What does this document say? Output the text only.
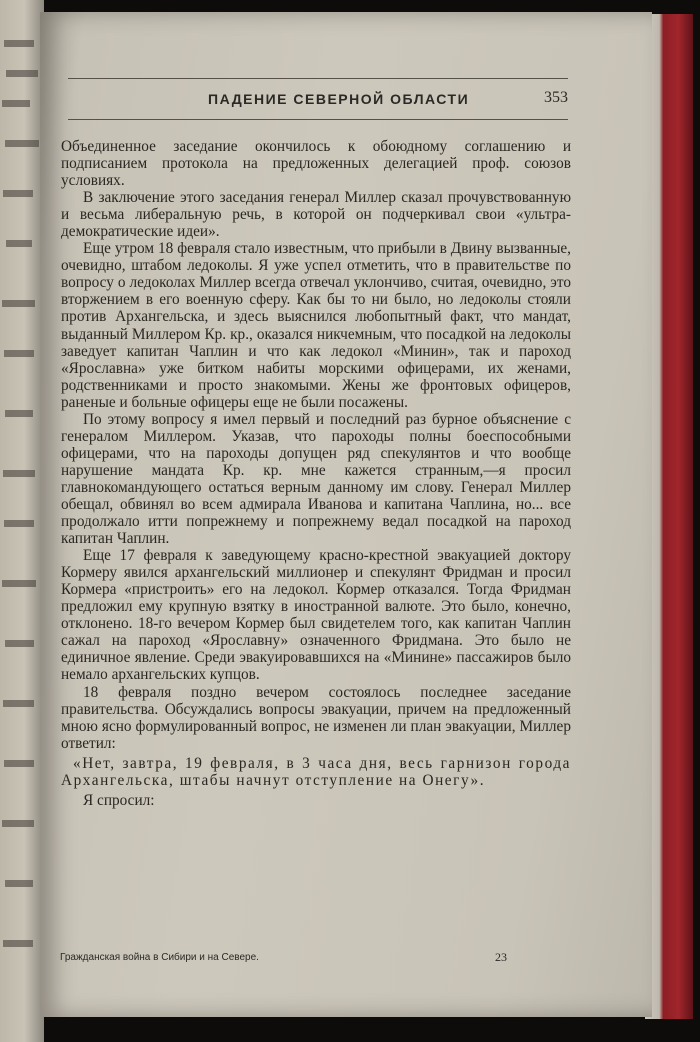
ПАДЕНИЕ СЕВЕРНОЙ ОБЛАСТИ	353

Объединенное заседание окончилось к обоюдному соглашению и подписанием протокола на предложенных делегацией проф. союзов условиях.

В заключение этого заседания генерал Миллер сказал прочувствованную и весьма либеральную речь, в которой он подчеркивал свои «ультра-демократические идеи».

Еще утром 18 февраля стало известным, что прибыли в Двину вызванные, очевидно, штабом ледоколы. Я уже успел отметить, что в правительстве по вопросу о ледоколах Миллер всегда отвечал уклончиво, считая, очевидно, это вторжением в его военную сферу. Как бы то ни было, но ледоколы стояли против Архангельска, и здесь выяснился любопытный факт, что мандат, выданный Миллером Кр. кр., оказался никчемным, что посадкой на ледоколы заведует капитан Чаплин и что как ледокол «Минин», так и пароход «Ярославна» уже битком набиты морскими офицерами, их женами, родственниками и просто знакомыми. Жены же фронтовых офицеров, раненые и больные офицеры еще не были посажены.

По этому вопросу я имел первый и последний раз бурное объяснение с генералом Миллером. Указав, что пароходы полны боеспособными офицерами, что на пароходы допущен ряд спекулянтов и что вообще нарушение мандата Кр. кр. мне кажется странным,—я просил главнокомандующего остаться верным данному им слову. Генерал Миллер обещал, обвинял во всем адмирала Иванова и капитана Чаплина, но... все продолжало итти попрежнему и попрежнему ведал посадкой на пароход капитан Чаплин.

Еще 17 февраля к заведующему красно-крестной эвакуацией доктору Кормеру явился архангельский миллионер и спекулянт Фридман и просил Кормера «пристроить» его на ледокол. Кормер отказался. Тогда Фридман предложил ему крупную взятку в иностранной валюте. Это было, конечно, отклонено. 18-го вечером Кормер был свидетелем того, как капитан Чаплин сажал на пароход «Ярославну» означенного Фридмана. Это было не единичное явление. Среди эвакуировавшихся на «Минине» пассажиров было немало архангельских купцов.

18 февраля поздно вечером состоялось последнее заседание правительства. Обсуждались вопросы эвакуации, причем на предложенный мною ясно формулированный вопрос, не изменен ли план эвакуации, Миллер ответил:

«Нет, завтра, 19 февраля, в 3 часа дня, весь гарнизон города Архангельска, штабы начнут отступление на Онегу».

Я спросил:

Гражданская война в Сибири и на Севере.	23
